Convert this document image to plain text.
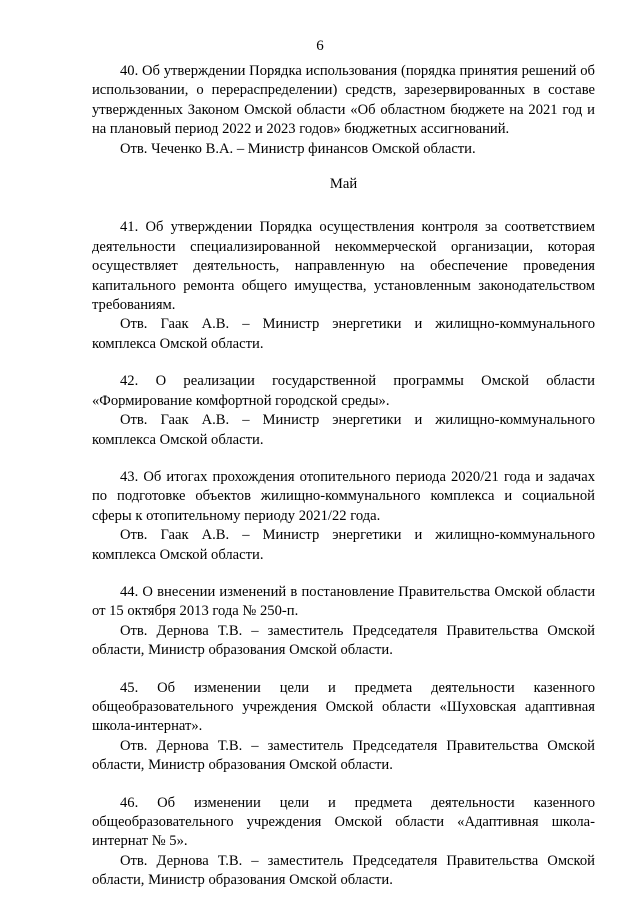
6

40. Об утверждении Порядка использования (порядка принятия решений об использовании, о перераспределении) средств, зарезервированных в составе утвержденных Законом Омской области «Об областном бюджете на 2021 год и на плановый период 2022 и 2023 годов» бюджетных ассигнований.

Отв. Чеченко В.А. – Министр финансов Омской области.

Май

41. Об утверждении Порядка осуществления контроля за соответствием деятельности специализированной некоммерческой организации, которая осуществляет деятельность, направленную на обеспечение проведения капитального ремонта общего имущества, установленным законодательством требованиям.

Отв. Гаак А.В. – Министр энергетики и жилищно-коммунального комплекса Омской области.

42. О реализации государственной программы Омской области «Формирование комфортной городской среды».

Отв. Гаак А.В. – Министр энергетики и жилищно-коммунального комплекса Омской области.

43. Об итогах прохождения отопительного периода 2020/21 года и задачах по подготовке объектов жилищно-коммунального комплекса и социальной сферы к отопительному периоду 2021/22 года.

Отв. Гаак А.В. – Министр энергетики и жилищно-коммунального комплекса Омской области.

44. О внесении изменений в постановление Правительства Омской области от 15 октября 2013 года № 250-п.

Отв. Дернова Т.В. – заместитель Председателя Правительства Омской области, Министр образования Омской области.

45. Об изменении цели и предмета деятельности казенного общеобразовательного учреждения Омской области «Шуховская адаптивная школа-интернат».

Отв. Дернова Т.В. – заместитель Председателя Правительства Омской области, Министр образования Омской области.

46. Об изменении цели и предмета деятельности казенного общеобразовательного учреждения Омской области «Адаптивная школа-интернат № 5».

Отв. Дернова Т.В. – заместитель Председателя Правительства Омской области, Министр образования Омской области.
